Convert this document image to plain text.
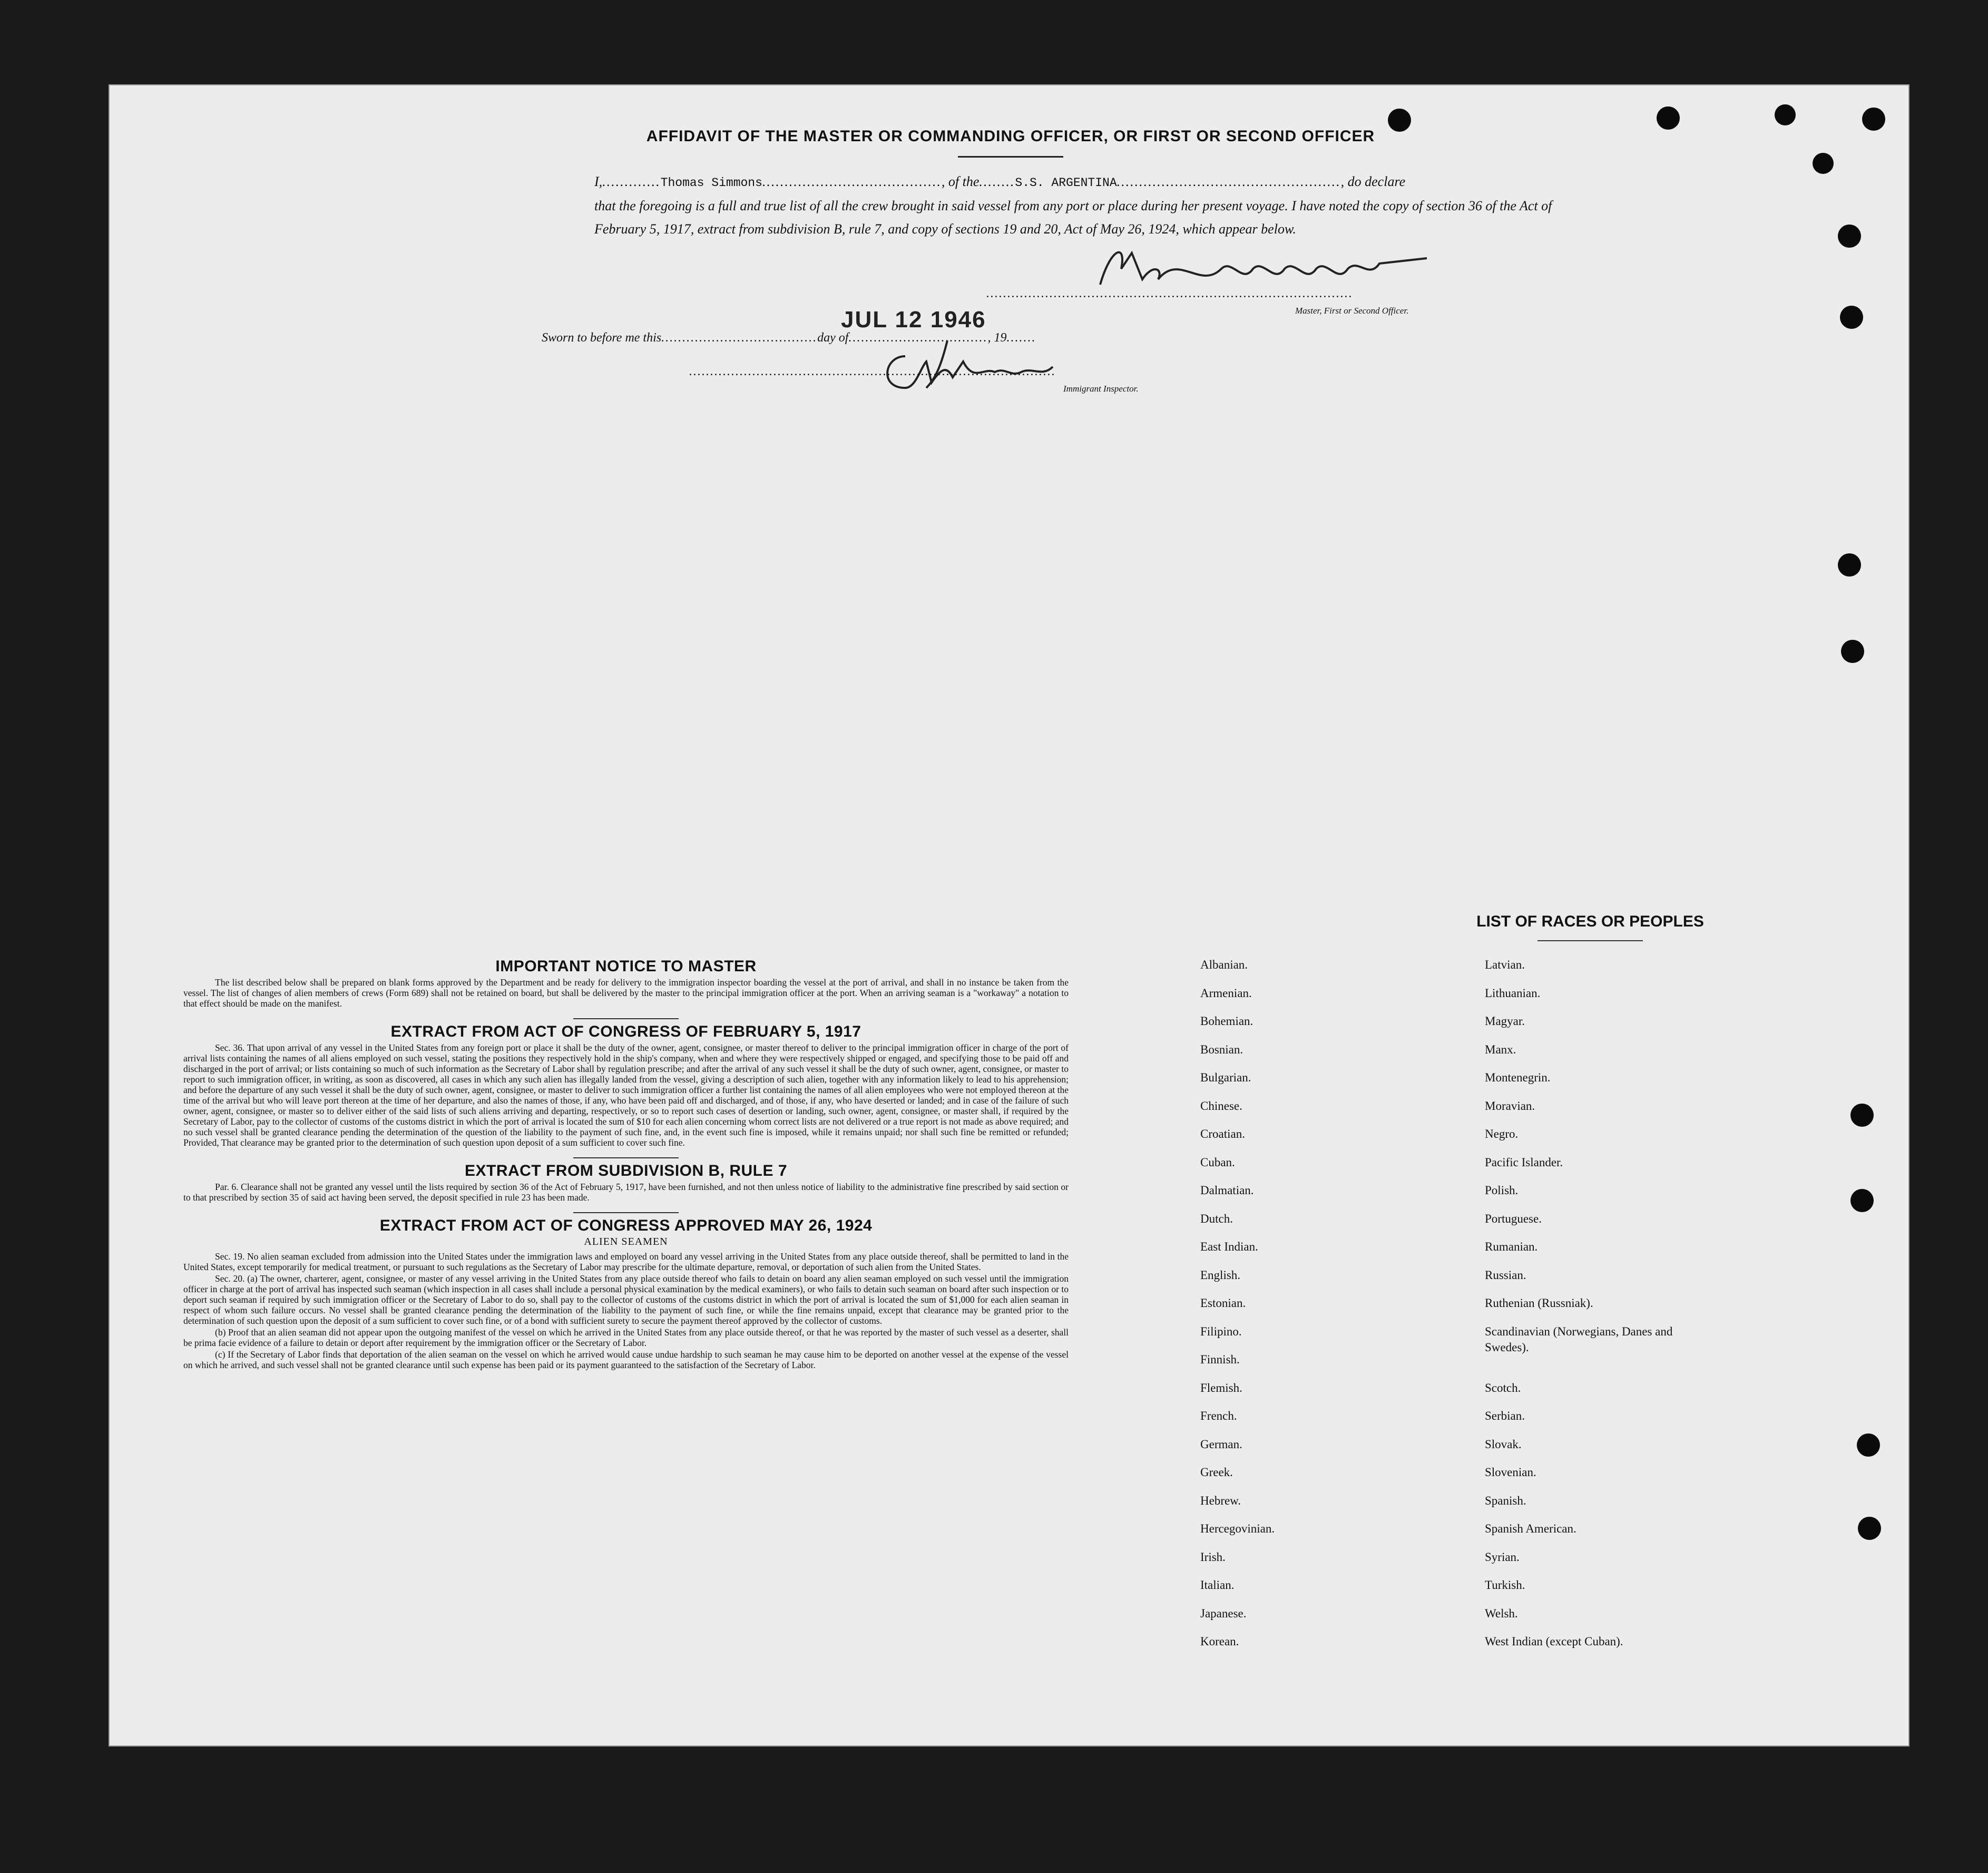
AFFIDAVIT OF THE MASTER OR COMMANDING OFFICER, OR FIRST OR SECOND OFFICER
I,.............Thomas Simmons........................................, of the........S.S. ARGENTINA.................................................., do declare
that the foregoing is a full and true list of all the crew brought in said vessel from any port or place during her present voyage. I have noted the copy of section 36 of the Act of February 5, 1917, extract from subdivision B, rule 7, and copy of sections 19 and 20, Act of May 26, 1924, which appear below.
.......................................................................................
Master, First or Second Officer.
Sworn to before me this.....................................day of................................., 19.......
JUL 12 1946
.......................................................................................
Immigrant Inspector.
IMPORTANT NOTICE TO MASTER

The list described below shall be prepared on blank forms approved by the Department and be ready for delivery to the immigration inspector boarding the vessel at the port of arrival, and shall in no instance be taken from the vessel. The list of changes of alien members of crews (Form 689) shall not be retained on board, but shall be delivered by the master to the principal immigration officer at the port. When an arriving seaman is a "workaway" a notation to that effect should be made on the manifest.

EXTRACT FROM ACT OF CONGRESS OF FEBRUARY 5, 1917

Sec. 36. That upon arrival of any vessel in the United States from any foreign port or place it shall be the duty of the owner, agent, consignee, or master thereof to deliver to the principal immigration officer in charge of the port of arrival lists containing the names of all aliens employed on such vessel, stating the positions they respectively hold in the ship's company, when and where they were respectively shipped or engaged, and specifying those to be paid off and discharged in the port of arrival; or lists containing so much of such information as the Secretary of Labor shall by regulation prescribe; and after the arrival of any such vessel it shall be the duty of such owner, agent, consignee, or master to report to such immigration officer, in writing, as soon as discovered, all cases in which any such alien has illegally landed from the vessel, giving a description of such alien, together with any information likely to lead to his apprehension; and before the departure of any such vessel it shall be the duty of such owner, agent, consignee, or master to deliver to such immigration officer a further list containing the names of all alien employees who were not employed thereon at the time of the arrival but who will leave port thereon at the time of her departure, and also the names of those, if any, who have been paid off and discharged, and of those, if any, who have deserted or landed; and in case of the failure of such owner, agent, consignee, or master so to deliver either of the said lists of such aliens arriving and departing, respectively, or so to report such cases of desertion or landing, such owner, agent, consignee, or master shall, if required by the Secretary of Labor, pay to the collector of customs of the customs district in which the port of arrival is located the sum of $10 for each alien concerning whom correct lists are not delivered or a true report is not made as above required; and no such vessel shall be granted clearance pending the determination of the question of the liability to the payment of such fine, and, in the event such fine is imposed, while it remains unpaid; nor shall such fine be remitted or refunded; Provided, That clearance may be granted prior to the determination of such question upon deposit of a sum sufficient to cover such fine.

EXTRACT FROM SUBDIVISION B, RULE 7

Par. 6. Clearance shall not be granted any vessel until the lists required by section 36 of the Act of February 5, 1917, have been furnished, and not then unless notice of liability to the administrative fine prescribed by said section or to that prescribed by section 35 of said act having been served, the deposit specified in rule 23 has been made.

EXTRACT FROM ACT OF CONGRESS APPROVED MAY 26, 1924
ALIEN SEAMEN

Sec. 19. No alien seaman excluded from admission into the United States under the immigration laws and employed on board any vessel arriving in the United States from any place outside thereof, shall be permitted to land in the United States, except temporarily for medical treatment, or pursuant to such regulations as the Secretary of Labor may prescribe for the ultimate departure, removal, or deportation of such alien from the United States.

Sec. 20. (a) The owner, charterer, agent, consignee, or master of any vessel arriving in the United States from any place outside thereof who fails to detain on board any alien seaman employed on such vessel until the immigration officer in charge at the port of arrival has inspected such seaman (which inspection in all cases shall include a personal physical examination by the medical examiners), or who fails to detain such seaman on board after such inspection or to deport such seaman if required by such immigration officer or the Secretary of Labor to do so, shall pay to the collector of customs of the customs district in which the port of arrival is located the sum of $1,000 for each alien seaman in respect of whom such failure occurs. No vessel shall be granted clearance pending the determination of the liability to the payment of such fine, or while the fine remains unpaid, except that clearance may be granted prior to the determination of such question upon the deposit of a sum sufficient to cover such fine, or of a bond with sufficient surety to secure the payment thereof approved by the collector of customs.

(b) Proof that an alien seaman did not appear upon the outgoing manifest of the vessel on which he arrived in the United States from any place outside thereof, or that he was reported by the master of such vessel as a deserter, shall be prima facie evidence of a failure to detain or deport after requirement by the immigration officer or the Secretary of Labor.

(c) If the Secretary of Labor finds that deportation of the alien seaman on the vessel on which he arrived would cause undue hardship to such seaman he may cause him to be deported on another vessel at the expense of the vessel on which he arrived, and such vessel shall not be granted clearance until such expense has been paid or its payment guaranteed to the satisfaction of the Secretary of Labor.

LIST OF RACES OR PEOPLES
Albanian.
Armenian.
Bohemian.
Bosnian.
Bulgarian.
Chinese.
Croatian.
Cuban.
Dalmatian.
Dutch.
East Indian.
English.
Estonian.
Filipino.
Finnish.
Flemish.
French.
German.
Greek.
Hebrew.
Hercegovinian.
Irish.
Italian.
Japanese.
Korean.
Latvian.
Lithuanian.
Magyar.
Manx.
Montenegrin.
Moravian.
Negro.
Pacific Islander.
Polish.
Portuguese.
Rumanian.
Russian.
Ruthenian (Russniak).
Scandinavian (Norwegians, Danes and Swedes).
Scotch.
Serbian.
Slovak.
Slovenian.
Spanish.
Spanish American.
Syrian.
Turkish.
Welsh.
West Indian (except Cuban).
